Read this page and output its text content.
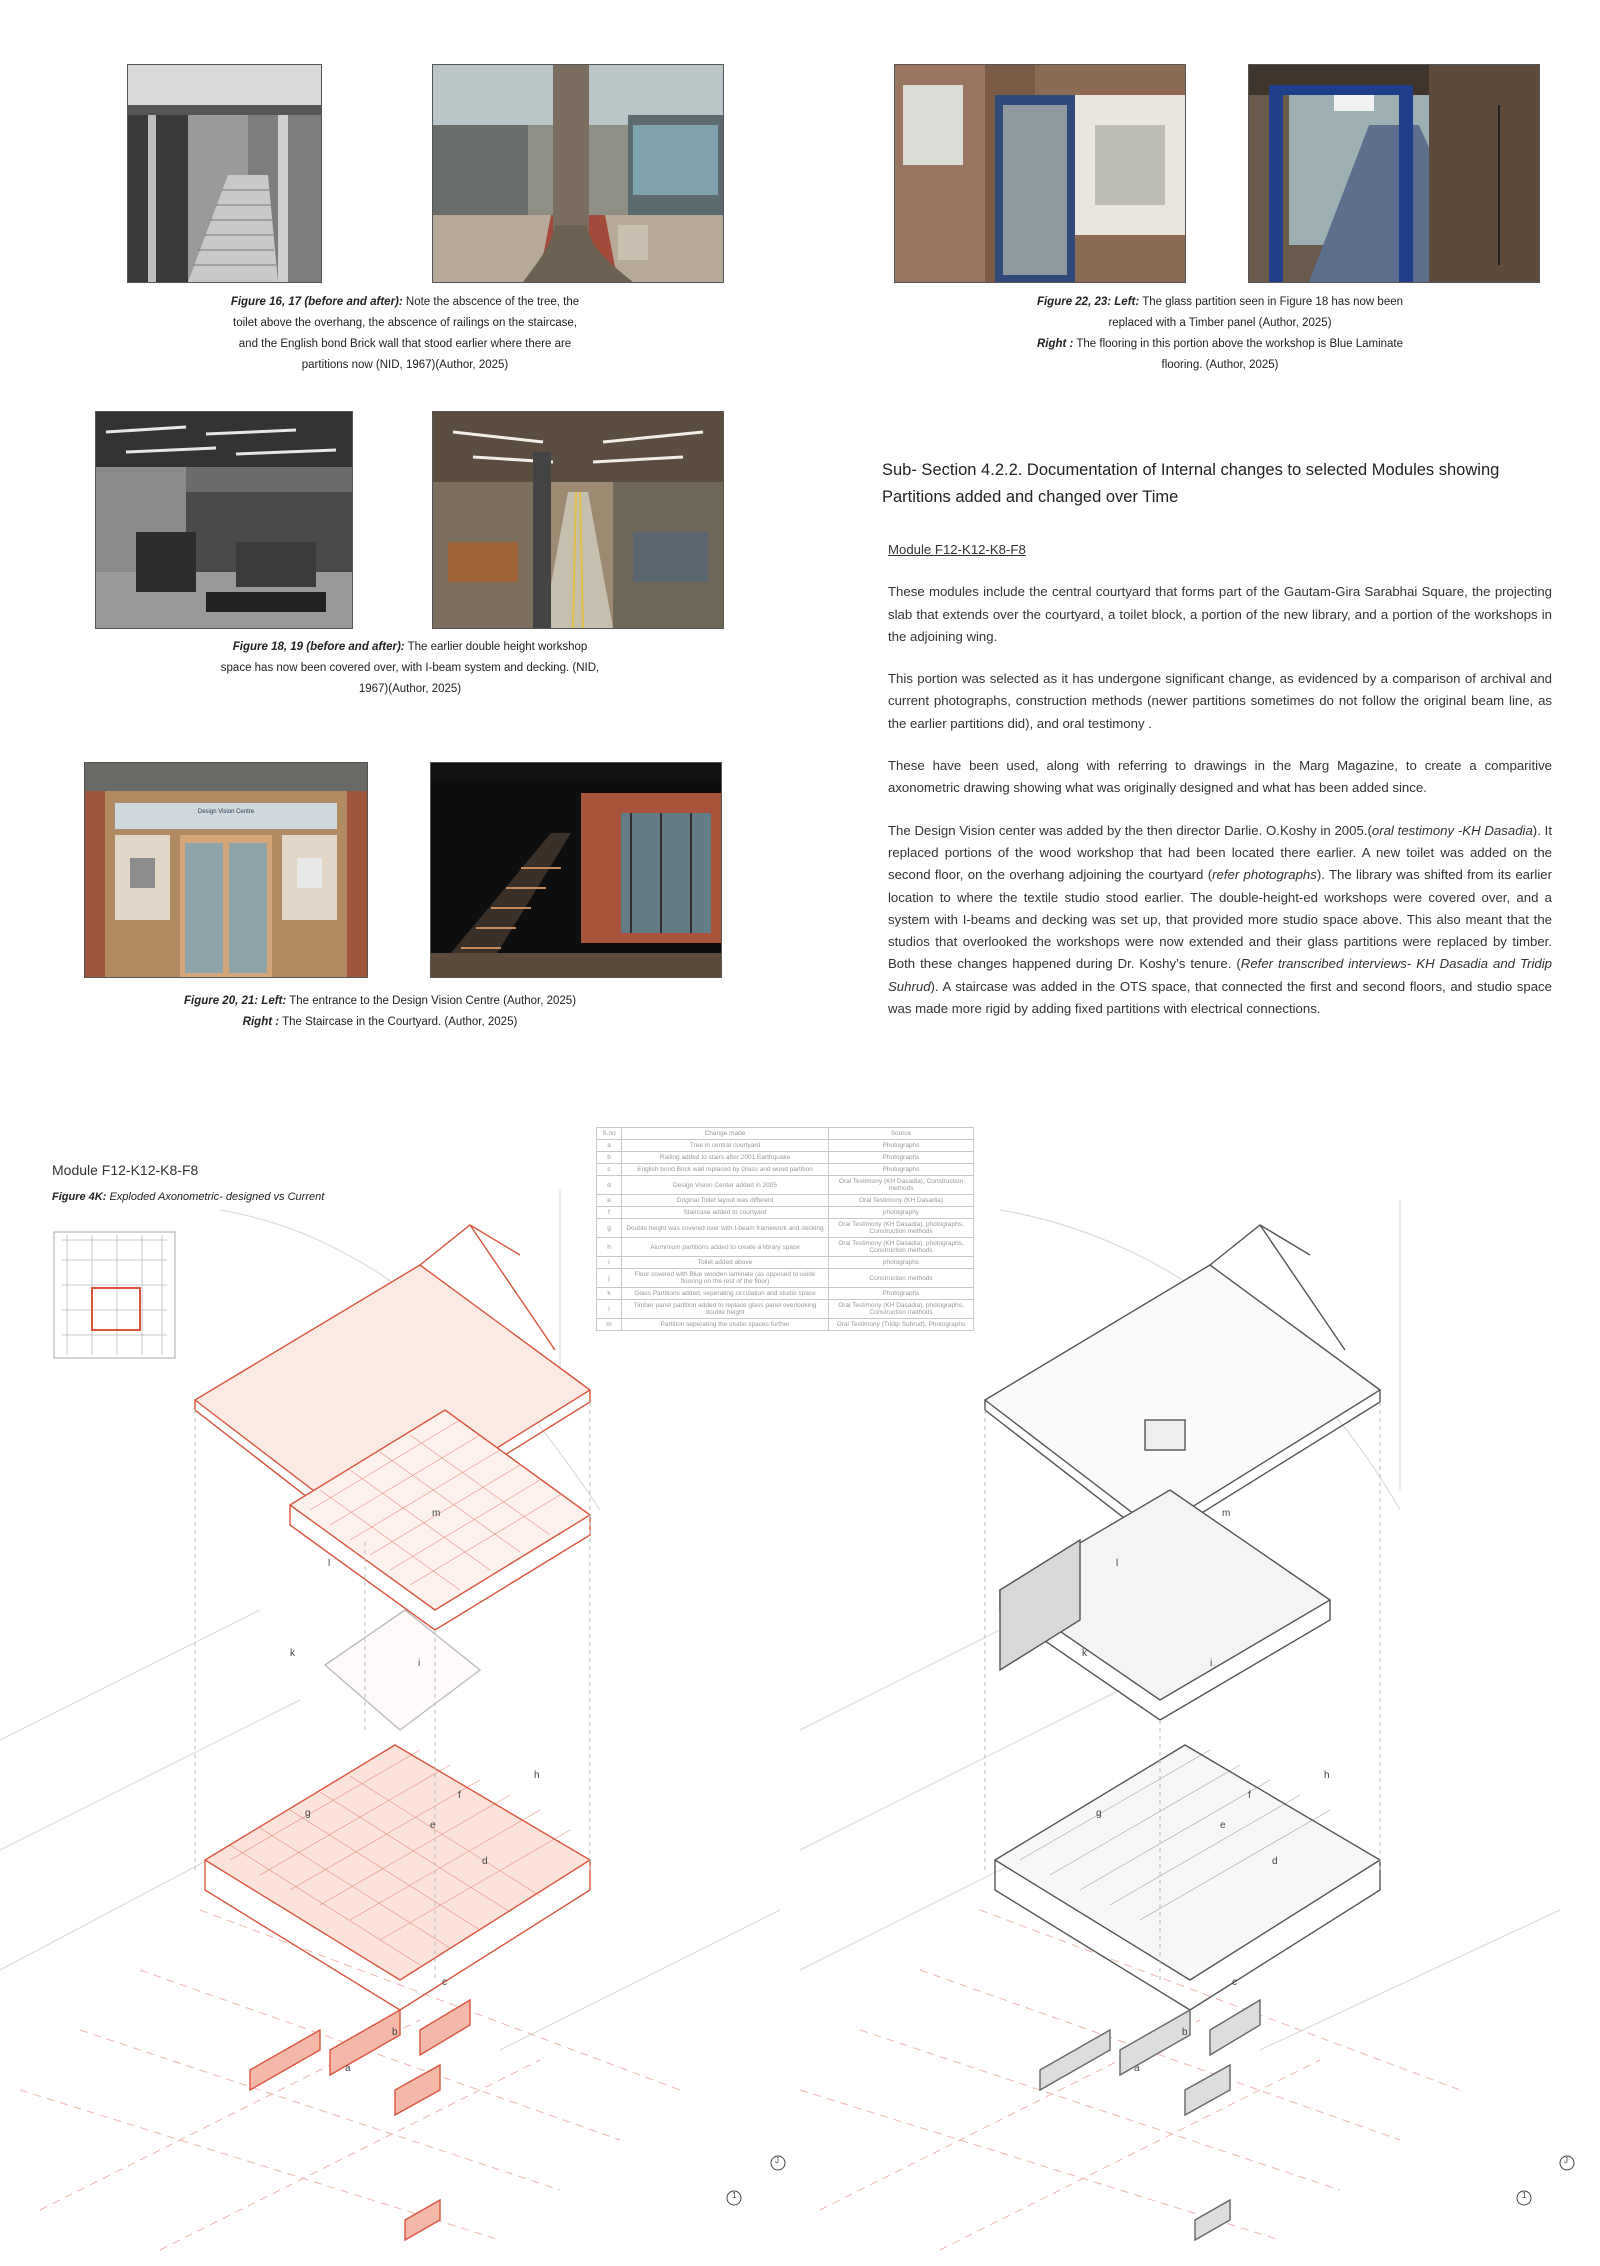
Figure 16, 17 (before and after): Note the abscence of the tree, the toilet above the overhang, the abscence of railings on the staircase, and the English bond Brick wall that stood earlier where there are partitions now (NID, 1967)(Author, 2025)
Figure 18, 19 (before and after): The earlier double height workshop space has now been covered over, with I-beam system and decking. (NID, 1967)(Author, 2025)
Design Vision Centre
Figure 20, 21: Left: The entrance to the Design Vision Centre (Author, 2025)
Right : The Staircase in the Courtyard. (Author, 2025)
Figure 22, 23: Left: The glass partition seen in Figure 18 has now been replaced with a Timber panel (Author, 2025)
Right : The flooring in this portion above the workshop is Blue Laminate flooring. (Author, 2025)
Sub- Section 4.2.2. Documentation of Internal changes to selected Modules showing Partitions added and changed over Time

Module F12-K12-K8-F8

These modules include the central courtyard that forms part of the Gautam-Gira Sarabhai Square, the projecting slab that extends over the courtyard, a toilet block, a portion of the new library, and a portion of the workshops in the adjoining wing.

This portion was selected as it has undergone significant change, as evidenced by a comparison of archival and current photographs, construction methods (newer partitions sometimes do not follow the original beam line, as the earlier partitions did), and oral testimony .

These have been used, along with referring to drawings in the Marg Magazine, to create a comparitive axonometric drawing showing what was originally designed and what has been added since.

The Design Vision center was added by the then director Darlie. O.Koshy in 2005.(oral testimony -KH Dasadia). It replaced portions of the wood workshop that had been located there earlier. A new toilet was added on the second floor, on the overhang adjoining the courtyard (refer photographs). The library was shifted from its earlier location to where the textile studio stood earlier. The double-height-ed workshops were covered over, and a system with I-beams and decking was set up, that provided more studio space above. This also meant that the studios that overlooked the workshops were now extended and their glass partitions were replaced by timber. Both these changes happened during Dr. Koshy’s tenure. (Refer transcribed interviews- KH Dasadia and Tridip Suhrud). A staircase was added in the OTS space, that connected the first and second floors, and studio space was made more rigid by adding fixed partitions with electrical connections.

J
1
J
1
Module F12-K12-K8-F8
Figure 4K: Exploded Axonometric- designed vs Current
S.no	Change made	Source
a	Tree in central courtyard	Photographs
b	Railing added to stairs after 2001 Earthquake	Photographs
c	English bond Brick wall replaced by Glass and wood partition	Photographs
d	Design Vision Center added in 2005	Oral Testimony (KH Dasadia), Construction methods
e	Original Toilet layout was different	Oral Testimony (KH Dasadia)
f	Staircase added to courtyard	photography
g	Double height was covered over with I-beam framework and decking	Oral Testimony (KH Dasadia), photographs, Construction methods
h	Aluminium partitions added to create a library space	Oral Testimony (KH Dasadia), photographs, Construction methods
i	Toilet added above	photographs
j	Floor covered with Blue wooden laminate (as opposed to oxide flooring on the rest of the floor)	Construction methods
k	Glass Partitions added, seperating circulation and studio space	Photographs
l	Timber panel partition added to replace glass panel overlooking double height	Oral Testimony (KH Dasadia), photographs, Construction methods
m	Partition seperating the studio spaces further	Oral Testimony (Tridip Suhrud), Photographs
m
l
k
i
h
g
f
e
d
c
b
a
m
l
k
i
h
g
f
e
d
c
b
a
